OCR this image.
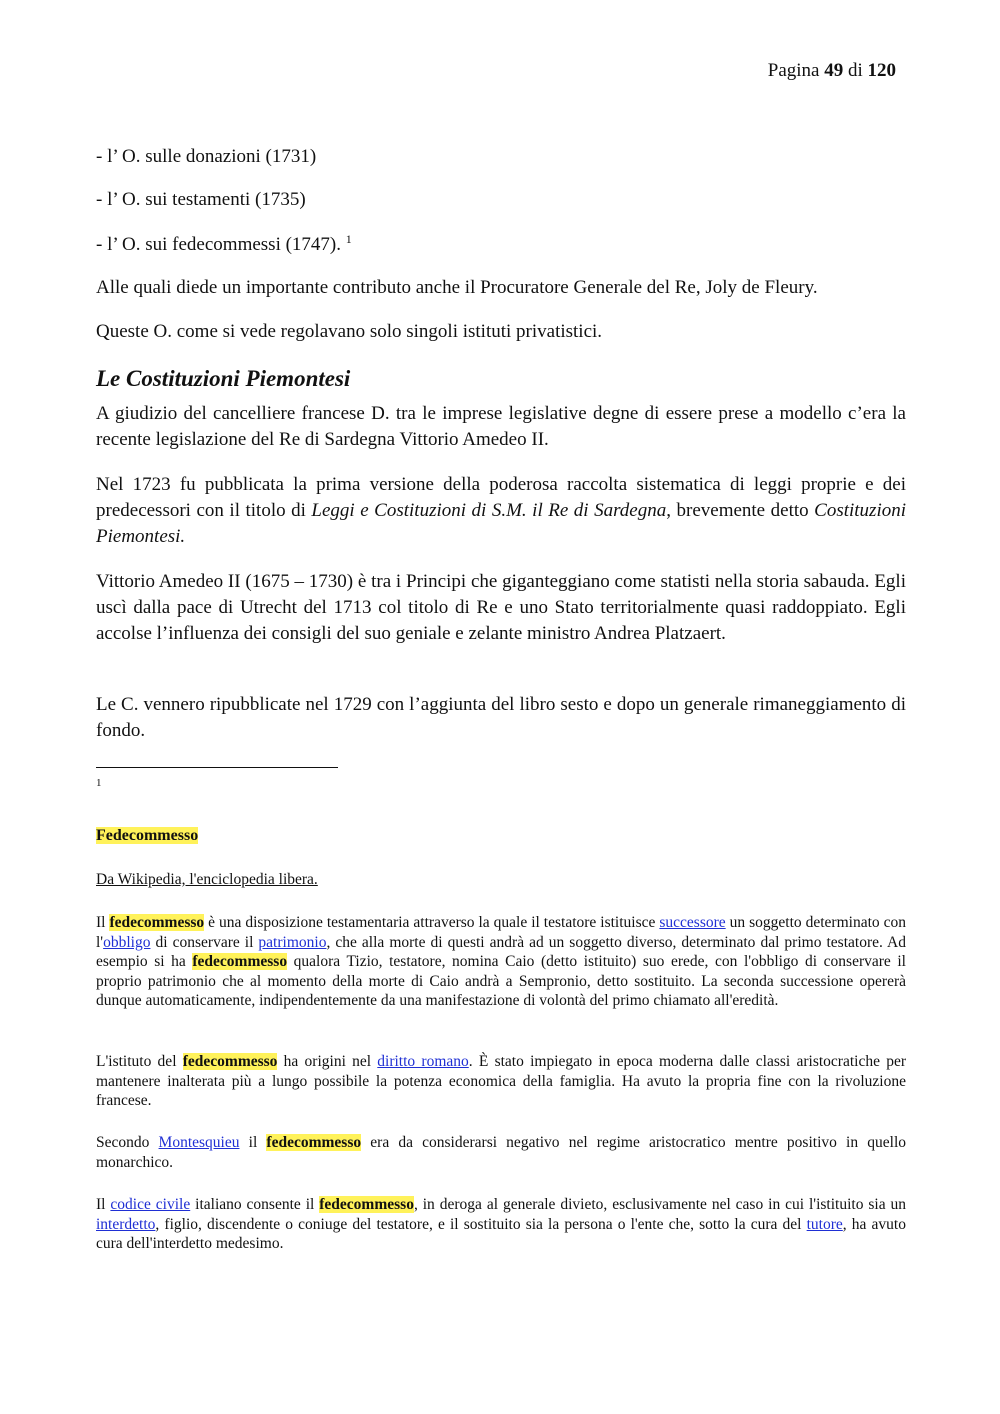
Pagina 49 di 120
- l’ O. sulle donazioni (1731)
- l’ O. sui testamenti (1735)
- l’ O. sui fedecommessi (1747). $^1$
Alle quali diede un importante contributo anche il Procuratore Generale del Re, Joly de Fleury.
Queste O. come si vede regolavano solo singoli istituti privatistici.
Le Costituzioni Piemontesi
A giudizio del cancelliere francese D. tra le imprese legislative degne di essere prese a modello c’era la recente legislazione del Re di Sardegna Vittorio Amedeo II.
Nel 1723 fu pubblicata la prima versione della poderosa raccolta sistematica di leggi proprie e dei predecessori con il titolo di Leggi e Costituzioni di S.M. il Re di Sardegna, brevemente detto Costituzioni Piemontesi.
Vittorio Amedeo II (1675 – 1730) è tra i Principi che giganteggiano come statisti nella storia sabauda. Egli uscì dalla pace di Utrecht del 1713 col titolo di Re e uno Stato territorialmente quasi raddoppiato. Egli accolse l’influenza dei consigli del suo geniale e zelante ministro Andrea Platzaert.
Le C. vennero ripubblicate nel 1729 con l’aggiunta del libro sesto e dopo un generale rimaneggiamento di fondo.
1
Fedecommesso
Da Wikipedia, l'enciclopedia libera.
Il fedecommesso è una disposizione testamentaria attraverso la quale il testatore istituisce successore un soggetto determinato con l'obbligo di conservare il patrimonio, che alla morte di questi andrà ad un soggetto diverso, determinato dal primo testatore. Ad esempio si ha fedecommesso qualora Tizio, testatore, nomina Caio (detto istituito) suo erede, con l'obbligo di conservare il proprio patrimonio che al momento della morte di Caio andrà a Sempronio, detto sostituito. La seconda successione opererà dunque automaticamente, indipendentemente da una manifestazione di volontà del primo chiamato all'eredità.
L'istituto del fedecommesso ha origini nel diritto romano. È stato impiegato in epoca moderna dalle classi aristocratiche per mantenere inalterata più a lungo possibile la potenza economica della famiglia. Ha avuto la propria fine con la rivoluzione francese.
Secondo Montesquieu il fedecommesso era da considerarsi negativo nel regime aristocratico mentre positivo in quello monarchico.
Il codice civile italiano consente il fedecommesso, in deroga al generale divieto, esclusivamente nel caso in cui l'istituito sia un interdetto, figlio, discendente o coniuge del testatore, e il sostituito sia la persona o l'ente che, sotto la cura del tutore, ha avuto cura dell'interdetto medesimo.
